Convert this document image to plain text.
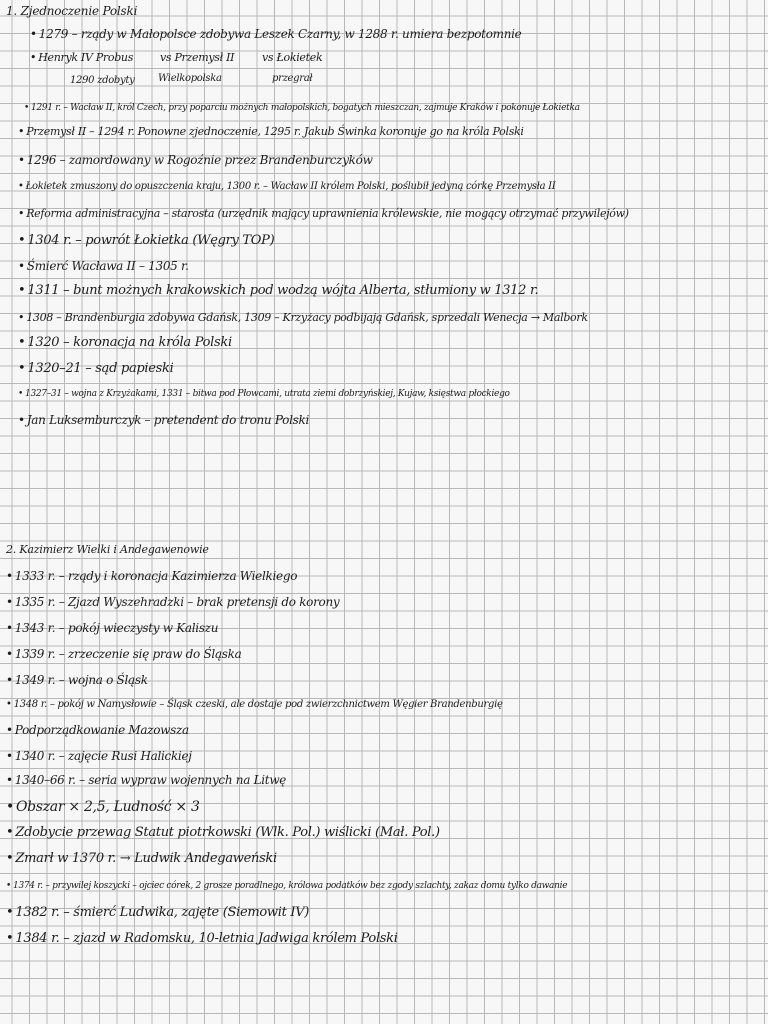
1. Zjednoczenie Polski
• 1279 – rządy w Małopolsce zdobywa Leszek Czarny, w 1288 r. umiera bezpotomnie
• Henryk IV Probus vs Przemysł II	vs Łokietek
1290 zdobyty Wielkopolska	przegrał
• 1291 r. – Wacław II, król Czech, przy poparciu możnych małopolskich, bogatych mieszczan, zajmuje Kraków i pokonuje Łokietka
• Przemysł II – 1294 r. Ponowne zjednoczenie, 1295 r. Jakub Świnka koronuje go na króla Polski
• 1296 – zamordowany w Rogoźnie przez Brandenburczyków
• Łokietek zmuszony do opuszczenia kraju, 1300 r. – Wacław II królem Polski, poślubił jedyną córkę Przemysła II
• Reforma administracyjna – starosta (urzędnik mający uprawnienia królewskie, nie mogący otrzymać przywilejów)
• 1304 r. – powrót Łokietka (Węgry TOP)
• Śmierć Wacława II – 1305 r.
• 1311 – bunt możnych krakowskich pod wodzą wójta Alberta, stłumiony w 1312 r.
• 1308 – Brandenburgia zdobywa Gdańsk, 1309 – Krzyżacy podbijają Gdańsk, sprzedali Wenecja → Malbork
• 1320 – koronacja na króla Polski
• 1320–21 – sąd papieski
• 1327–31 – wojna z Krzyżakami, 1331 – bitwa pod Płowcami, utrata ziemi dobrzyńskiej, Kujaw, księstwa płockiego
• Jan Luksemburczyk – pretendent do tronu Polski
2. Kazimierz Wielki i Andegawenowie
• 1333 r. – rządy i koronacja Kazimierza Wielkiego
• 1335 r. – Zjazd Wyszehradzki – brak pretensji do korony
• 1343 r. – pokój wieczysty w Kaliszu
• 1339 r. – zrzeczenie się praw do Śląska
• 1349 r. – wojna o Śląsk
• 1348 r. – pokój w Namysłowie – Śląsk czeski, ale dostaje pod zwierzchnictwem Węgier Brandenburgię
• Podporządkowanie Mazowsza
• 1340 r. – zajęcie Rusi Halickiej
• 1340–66 r. – seria wypraw wojennych na Litwę
• Obszar × 2,5, Ludność × 3
• Zdobycie przewag Statut piotrkowski (Wlk. Pol.) wiślicki (Mał. Pol.)
• Zmarł w 1370 r. → Ludwik Andegaweński
• 1374 r. – przywilej koszycki – ojciec córek, 2 grosze poradlnego, królowa podatków bez zgody szlachty, zakaz domu tylko dawanie
• 1382 r. – śmierć Ludwika, zajęte (Siemowit IV)
• 1384 r. – zjazd w Radomsku, 10-letnia Jadwiga królem Polski
